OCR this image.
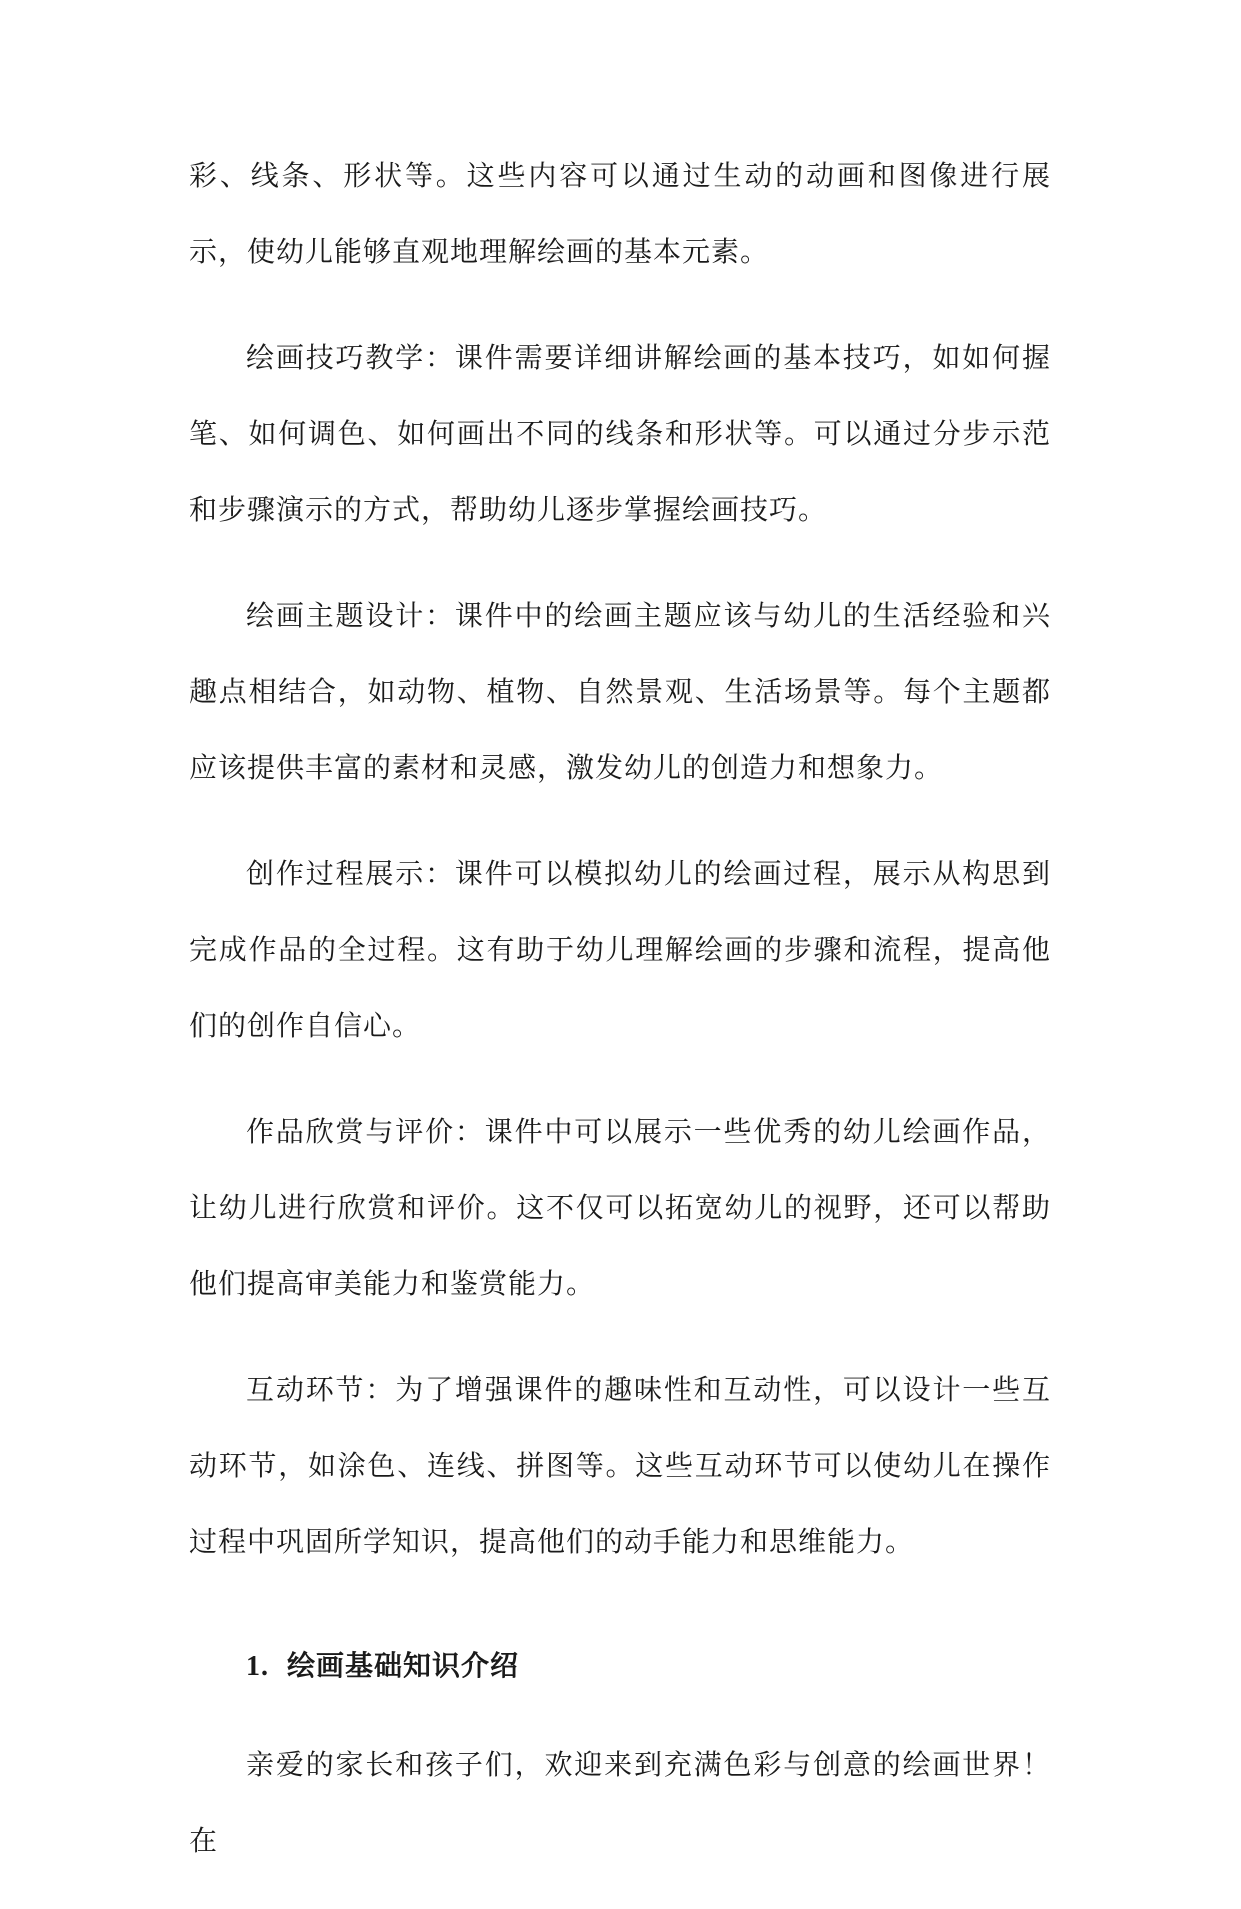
彩、线条、形状等。这些内容可以通过生动的动画和图像进行展示，使幼儿能够直观地理解绘画的基本元素。

绘画技巧教学：课件需要详细讲解绘画的基本技巧，如如何握笔、如何调色、如何画出不同的线条和形状等。可以通过分步示范和步骤演示的方式，帮助幼儿逐步掌握绘画技巧。

绘画主题设计：课件中的绘画主题应该与幼儿的生活经验和兴趣点相结合，如动物、植物、自然景观、生活场景等。每个主题都应该提供丰富的素材和灵感，激发幼儿的创造力和想象力。

创作过程展示：课件可以模拟幼儿的绘画过程，展示从构思到完成作品的全过程。这有助于幼儿理解绘画的步骤和流程，提高他们的创作自信心。

作品欣赏与评价：课件中可以展示一些优秀的幼儿绘画作品，让幼儿进行欣赏和评价。这不仅可以拓宽幼儿的视野，还可以帮助他们提高审美能力和鉴赏能力。

互动环节：为了增强课件的趣味性和互动性，可以设计一些互动环节，如涂色、连线、拼图等。这些互动环节可以使幼儿在操作过程中巩固所学知识，提高他们的动手能力和思维能力。

1. 绘画基础知识介绍

亲爱的家长和孩子们，欢迎来到充满色彩与创意的绘画世界！在
